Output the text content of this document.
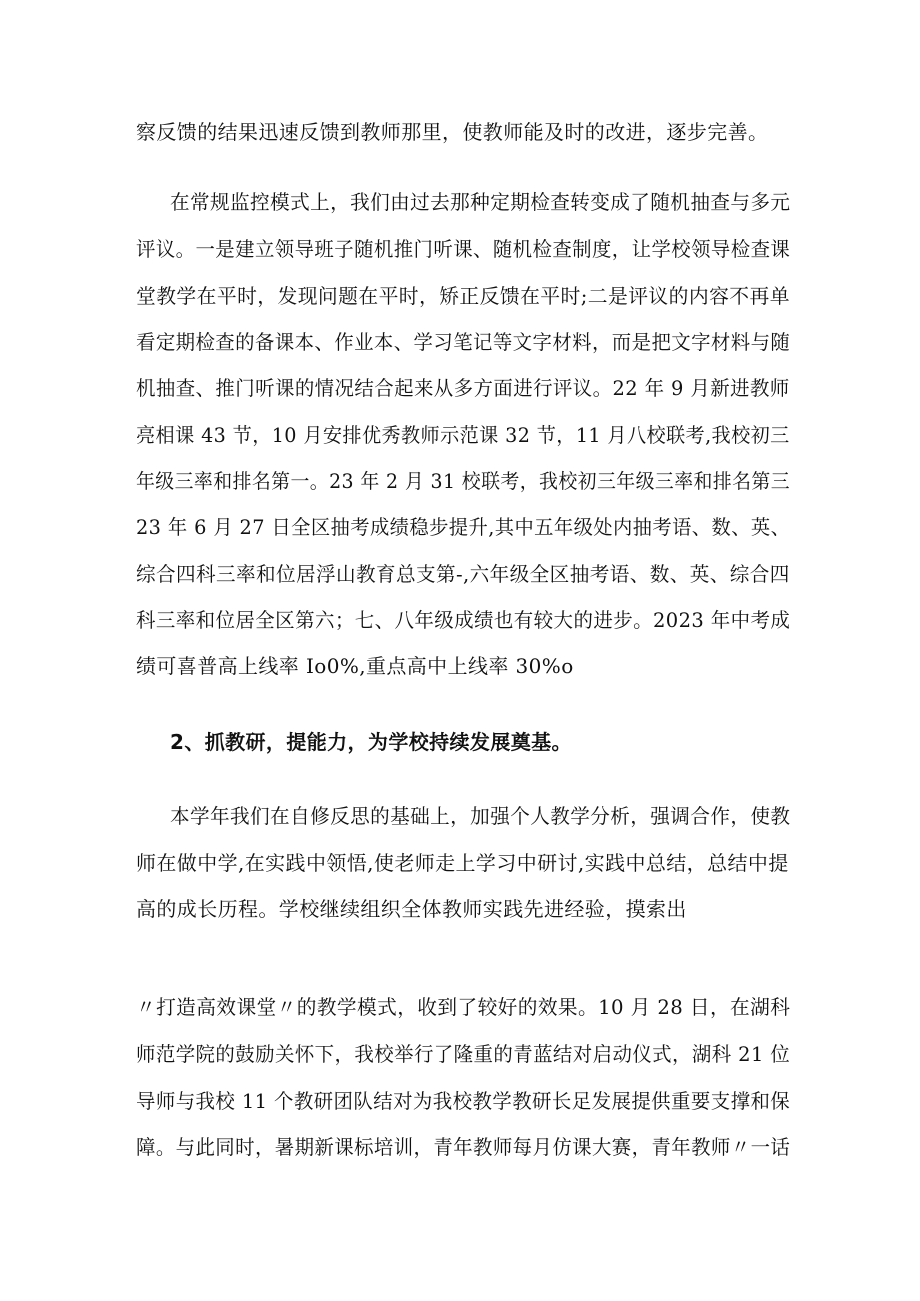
察反馈的结果迅速反馈到教师那里，使教师能及时的改进，逐步完善。
在常规监控模式上，我们由过去那种定期检查转变成了随机抽查与多元
评议。一是建立领导班子随机推门听课、随机检查制度，让学校领导检查课
堂教学在平时，发现问题在平时，矫正反馈在平时;二是评议的内容不再单
看定期检查的备课本、作业本、学习笔记等文字材料，而是把文字材料与随
机抽查、推门听课的情况结合起来从多方面进行评议。22 年 9 月新进教师
亮相课 43 节，10 月安排优秀教师示范课 32 节，11 月八校联考,我校初三
年级三率和排名第一。23 年 2 月 31 校联考，我校初三年级三率和排名第三
23 年 6 月 27 日全区抽考成绩稳步提升,其中五年级处内抽考语、数、英、
综合四科三率和位居浮山教育总支第-,六年级全区抽考语、数、英、综合四
科三率和位居全区第六；七、八年级成绩也有较大的进步。2023 年中考成
绩可喜普高上线率 Io0%,重点高中上线率 30%o
2、抓教研，提能力，为学校持续发展奠基。
本学年我们在自修反思的基础上，加强个人教学分析，强调合作，使教
师在做中学,在实践中领悟,使老师走上学习中研讨,实践中总结，总结中提
高的成长历程。学校继续组织全体教师实践先进经验，摸索出
〃打造高效课堂〃的教学模式，收到了较好的效果。10 月 28 日，在湖科
师范学院的鼓励关怀下，我校举行了隆重的青蓝结对启动仪式，湖科 21 位
导师与我校 11 个教研团队结对为我校教学教研长足发展提供重要支撑和保
障。与此同时，暑期新课标培训，青年教师每月仿课大赛，青年教师〃一话
